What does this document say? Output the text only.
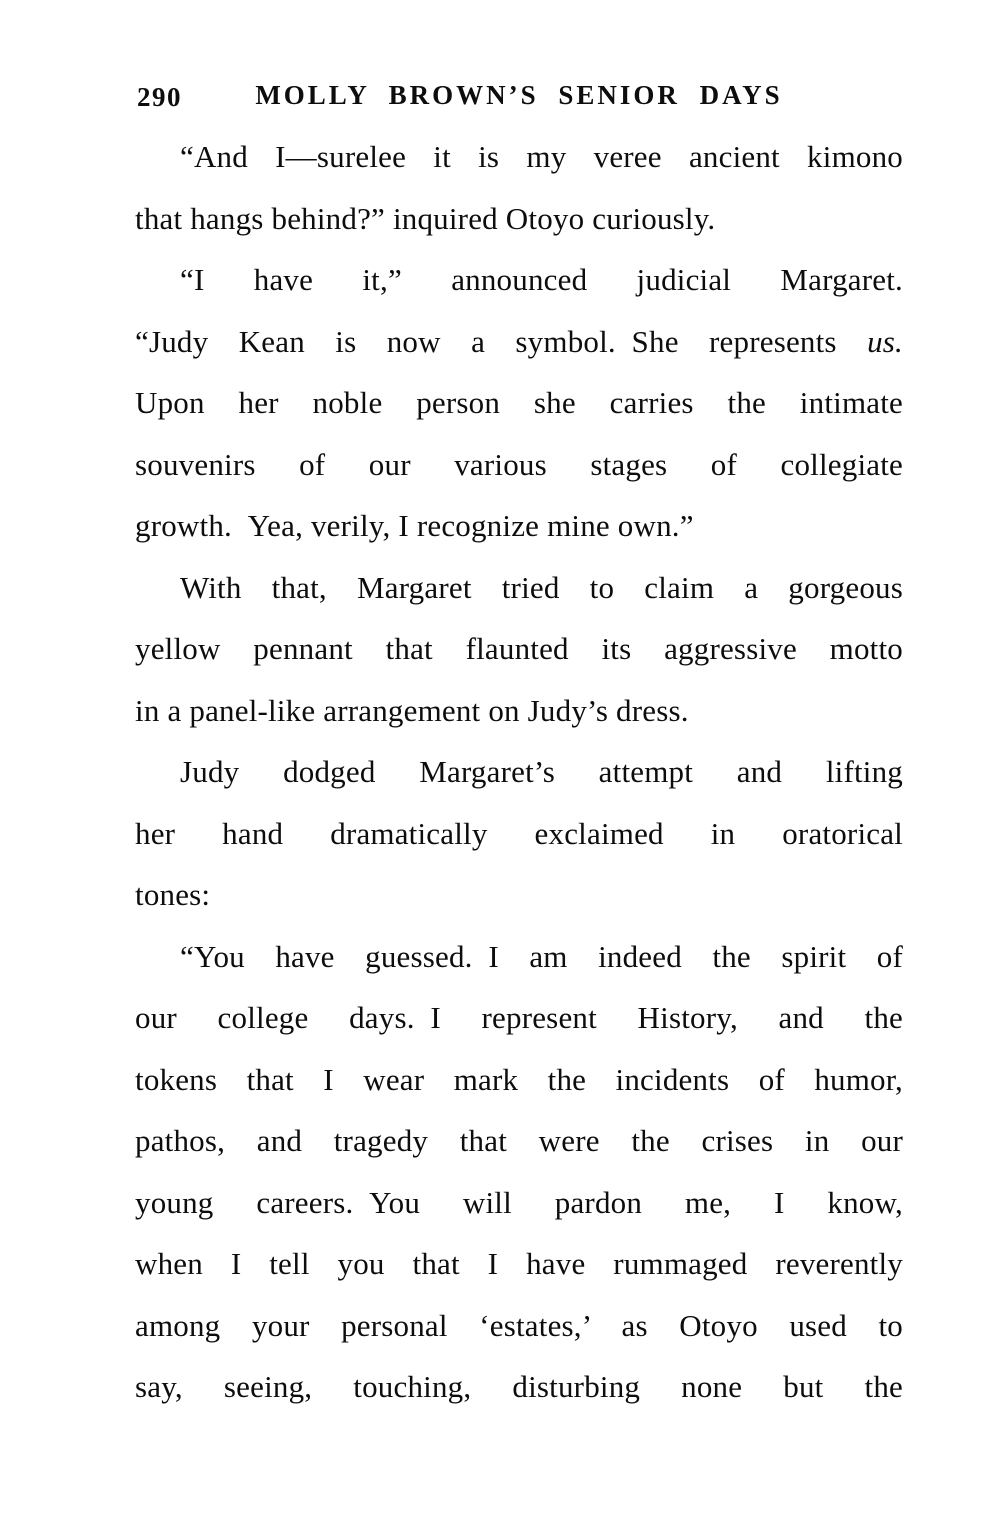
290	MOLLY BROWN’S SENIOR DAYS
“And I—surelee it is my veree ancient kimono
that hangs behind?” inquired Otoyo curiously.
“I have it,” announced judicial Margaret.
“Judy Kean is now a symbol. She represents us.
Upon her noble person she carries the intimate
souvenirs of our various stages of collegiate
growth. Yea, verily, I recognize mine own.”
With that, Margaret tried to claim a gorgeous
yellow pennant that flaunted its aggressive motto
in a panel-like arrangement on Judy’s dress.
Judy dodged Margaret’s attempt and lifting
her hand dramatically exclaimed in oratorical
tones:
“You have guessed. I am indeed the spirit of
our college days. I represent History, and the
tokens that I wear mark the incidents of humor,
pathos, and tragedy that were the crises in our
young careers. You will pardon me, I know,
when I tell you that I have rummaged reverently
among your personal ‘estates,’ as Otoyo used to
say, seeing, touching, disturbing none but the
